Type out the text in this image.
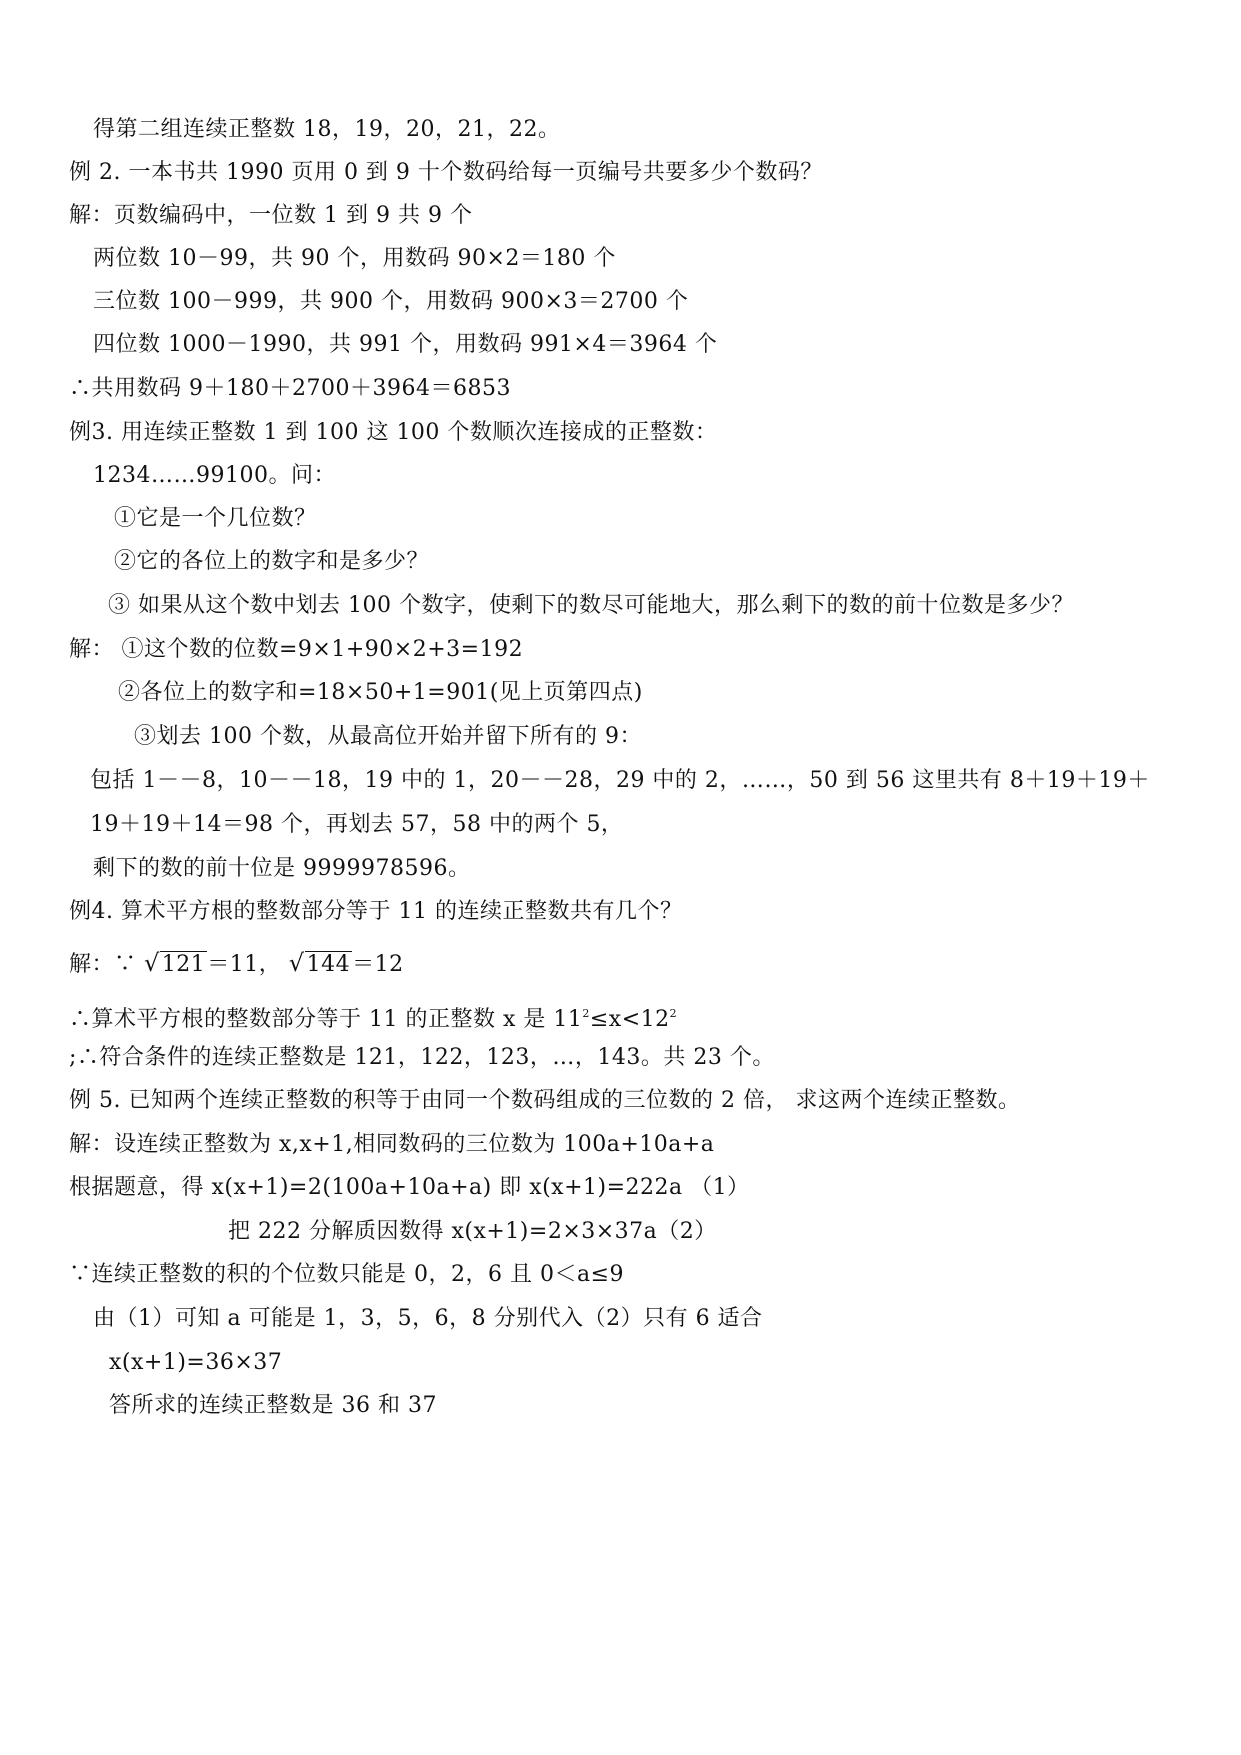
得第二组连续正整数 18，19，20，21，22。
例 2. 一本书共 1990 页用 0 到 9 十个数码给每一页编号共要多少个数码？
解：页数编码中，一位数 1 到 9 共 9 个
两位数 10－99，共 90 个，用数码 90×2＝180 个
三位数 100－999，共 900 个，用数码 900×3＝2700 个
四位数 1000－1990，共 991 个，用数码 991×4＝3964 个
∴共用数码 9＋180＋2700＋3964＝6853
例3. 用连续正整数 1 到 100 这 100 个数顺次连接成的正整数：
1234……99100。问：
①它是一个几位数？
②它的各位上的数字和是多少？
③ 如果从这个数中划去 100 个数字，使剩下的数尽可能地大，那么剩下的数的前十位数是多少？
解： ①这个数的位数=9×1+90×2+3=192
②各位上的数字和=18×50+1=901(见上页第四点)
③划去 100 个数，从最高位开始并留下所有的 9：
包括 1－－8，10－－18，19 中的 1，20－－28，29 中的 2，……，50 到 56 这里共有 8＋19＋19＋
19＋19＋14＝98 个，再划去 57，58 中的两个 5，
剩下的数的前十位是 9999978596。
例4. 算术平方根的整数部分等于 11 的连续正整数共有几个？
解：∵ √121＝11， √144＝12
∴算术平方根的整数部分等于 11 的正整数 x 是 $11^2\le x<12^2$
;∴符合条件的连续正整数是 121，122，123，…，143。共 23 个。
例 5. 已知两个连续正整数的积等于由同一个数码组成的三位数的 2 倍， 求这两个连续正整数。
解：设连续正整数为 x,x+1,相同数码的三位数为 100a+10a+a
根据题意，得 x(x+1)=2(100a+10a+a) 即 x(x+1)=222a （1）
把 222 分解质因数得 x(x+1)=2×3×37a（2）
∵连续正整数的积的个位数只能是 0，2，6 且 0＜a≤9
由（1）可知 a 可能是 1，3，5，6，8 分别代入（2）只有 6 适合
x(x+1)=36×37
答所求的连续正整数是 36 和 37
